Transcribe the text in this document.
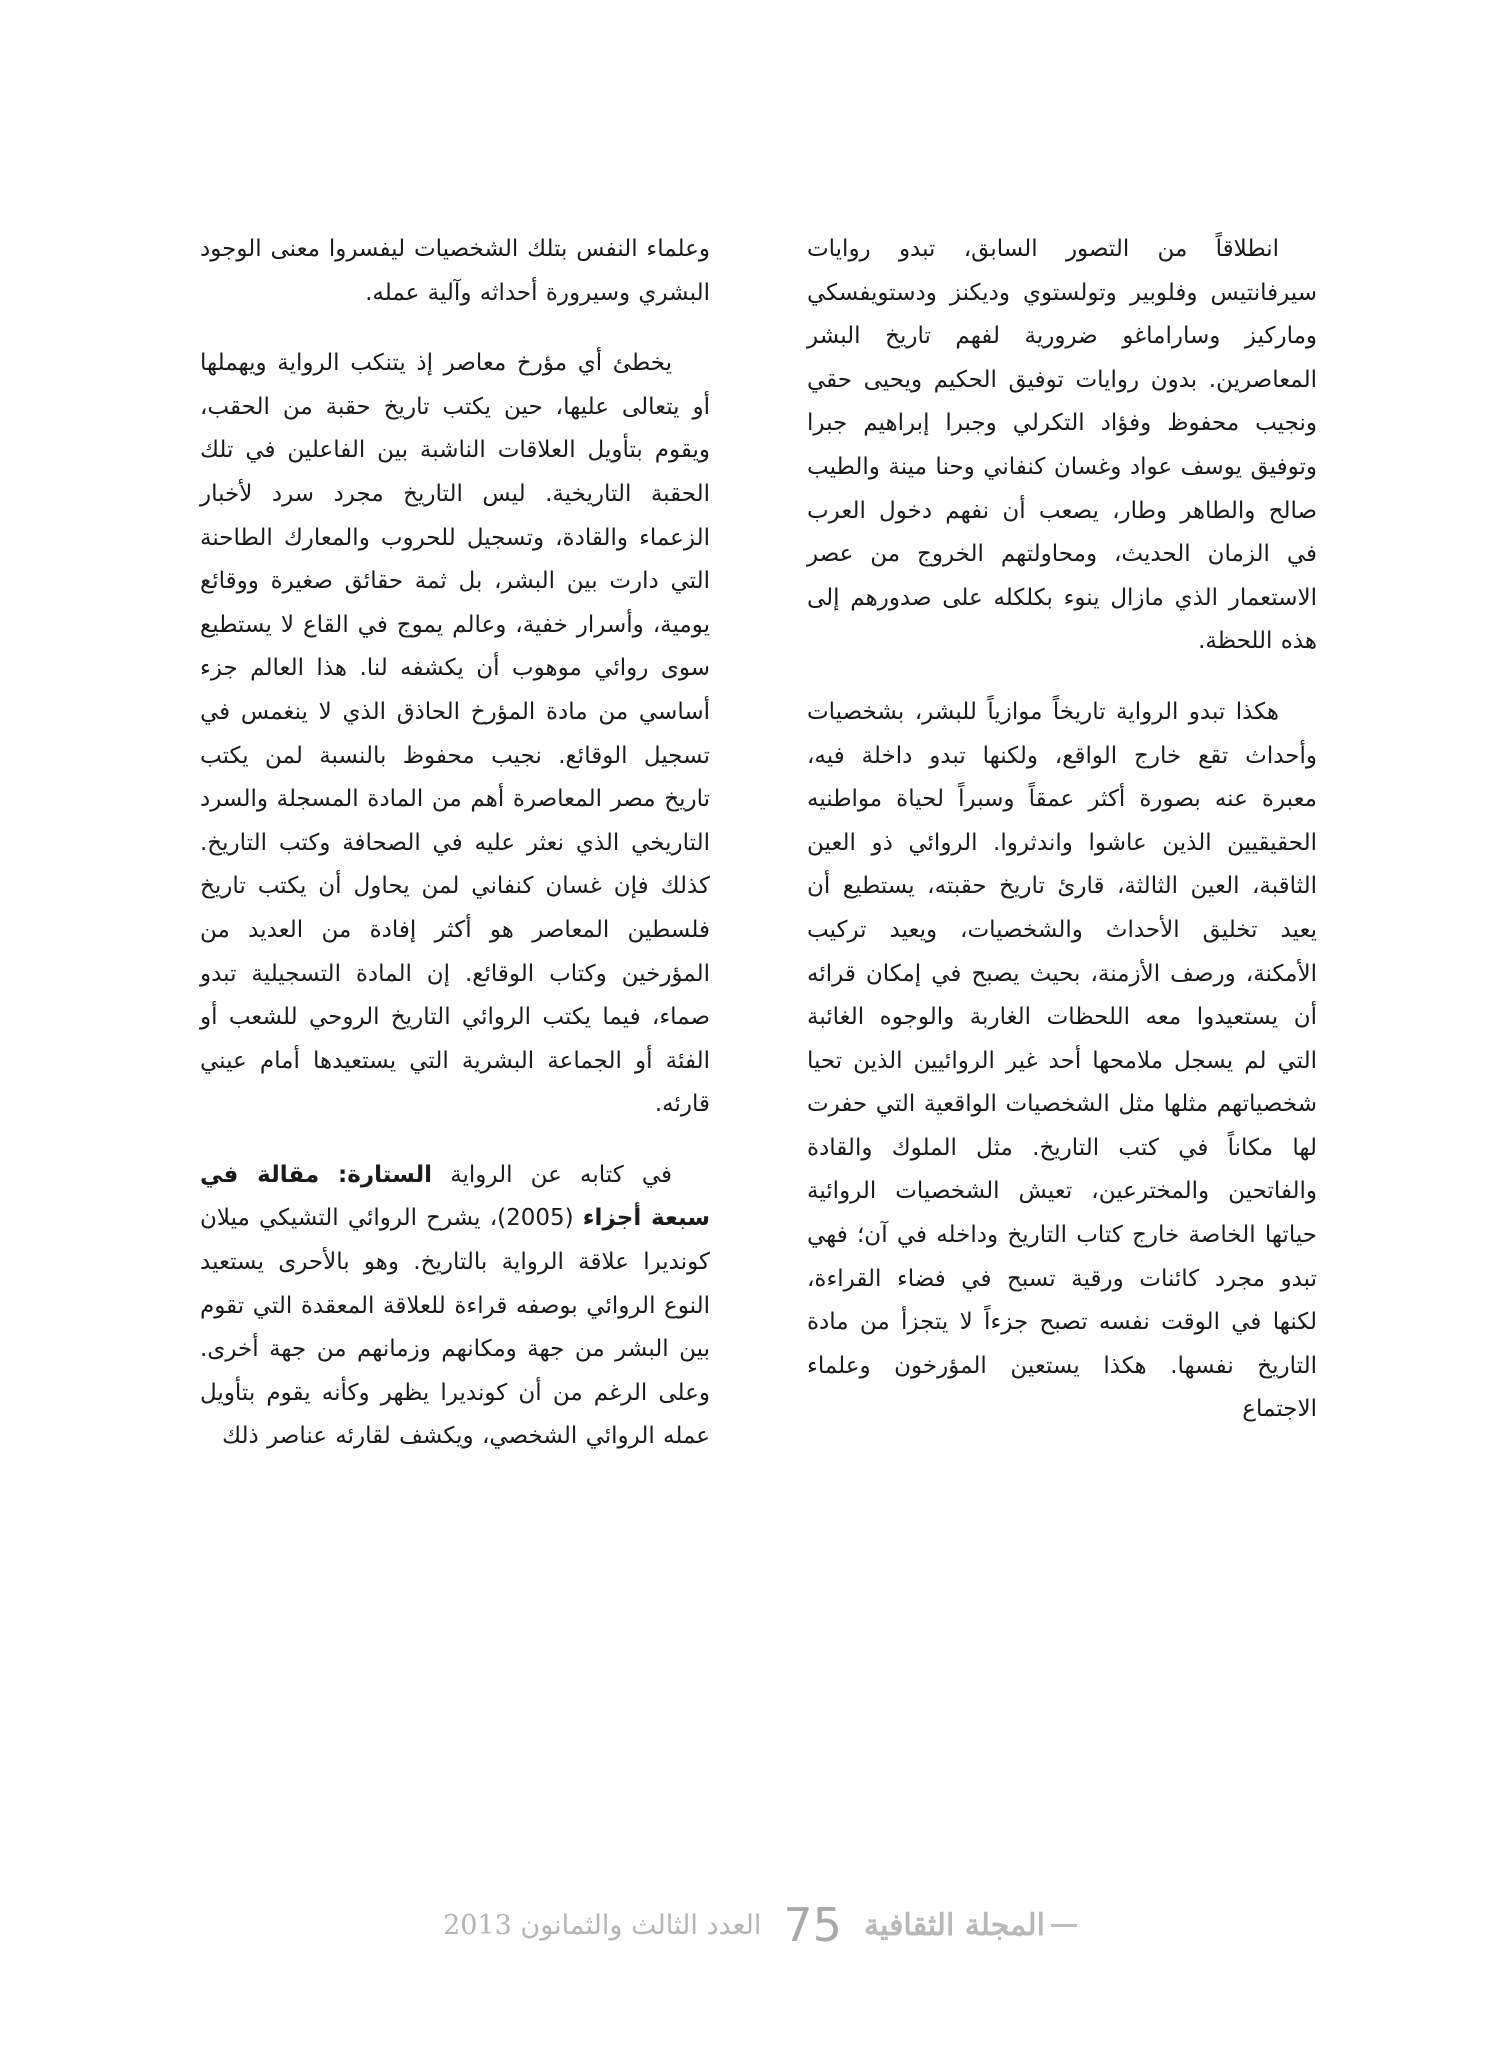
انطلاقاً من التصور السابق، تبدو روايات سيرفانتيس وفلوبير وتولستوي وديكنز ودستويفسكي وماركيز وساراماغو ضرورية لفهم تاريخ البشر المعاصرين. بدون روايات توفيق الحكيم ويحيى حقي ونجيب محفوظ وفؤاد التكرلي وجبرا إبراهيم جبرا وتوفيق يوسف عواد وغسان كنفاني وحنا مينة والطيب صالح والطاهر وطار، يصعب أن نفهم دخول العرب في الزمان الحديث، ومحاولتهم الخروج من عصر الاستعمار الذي مازال ينوء بكلكله على صدورهم إلى هذه اللحظة.

هكذا تبدو الرواية تاريخاً موازياً للبشر، بشخصيات وأحداث تقع خارج الواقع، ولكنها تبدو داخلة فيه، معبرة عنه بصورة أكثر عمقاً وسبراً لحياة مواطنيه الحقيقيين الذين عاشوا واندثروا. الروائي ذو العين الثاقبة، العين الثالثة، قارئ تاريخ حقبته، يستطيع أن يعيد تخليق الأحداث والشخصيات، ويعيد تركيب الأمكنة، ورصف الأزمنة، بحيث يصبح في إمكان قرائه أن يستعيدوا معه اللحظات الغاربة والوجوه الغائبة التي لم يسجل ملامحها أحد غير الروائيين الذين تحيا شخصياتهم مثلها مثل الشخصيات الواقعية التي حفرت لها مكاناً في كتب التاريخ. مثل الملوك والقادة والفاتحين والمخترعين، تعيش الشخصيات الروائية حياتها الخاصة خارج كتاب التاريخ وداخله في آن؛ فهي تبدو مجرد كائنات ورقية تسبح في فضاء القراءة، لكنها في الوقت نفسه تصبح جزءاً لا يتجزأ من مادة التاريخ نفسها. هكذا يستعين المؤرخون وعلماء الاجتماع

وعلماء النفس بتلك الشخصيات ليفسروا معنى الوجود البشري وسيرورة أحداثه وآلية عمله.

يخطئ أي مؤرخ معاصر إذ يتنكب الرواية ويهملها أو يتعالى عليها، حين يكتب تاريخ حقبة من الحقب، ويقوم بتأويل العلاقات الناشبة بين الفاعلين في تلك الحقبة التاريخية. ليس التاريخ مجرد سرد لأخبار الزعماء والقادة، وتسجيل للحروب والمعارك الطاحنة التي دارت بين البشر، بل ثمة حقائق صغيرة ووقائع يومية، وأسرار خفية، وعالم يموج في القاع لا يستطيع سوى روائي موهوب أن يكشفه لنا. هذا العالم جزء أساسي من مادة المؤرخ الحاذق الذي لا ينغمس في تسجيل الوقائع. نجيب محفوظ بالنسبة لمن يكتب تاريخ مصر المعاصرة أهم من المادة المسجلة والسرد التاريخي الذي نعثر عليه في الصحافة وكتب التاريخ. كذلك فإن غسان كنفاني لمن يحاول أن يكتب تاريخ فلسطين المعاصر هو أكثر إفادة من العديد من المؤرخين وكتاب الوقائع. إن المادة التسجيلية تبدو صماء، فيما يكتب الروائي التاريخ الروحي للشعب أو الفئة أو الجماعة البشرية التي يستعيدها أمام عيني قارئه.

في كتابه عن الرواية الستارة: مقالة في سبعة أجزاء (2005)، يشرح الروائي التشيكي ميلان كونديرا علاقة الرواية بالتاريخ. وهو بالأحرى يستعيد النوع الروائي بوصفه قراءة للعلاقة المعقدة التي تقوم بين البشر من جهة ومكانهم وزمانهم من جهة أخرى. وعلى الرغم من أن كونديرا يظهر وكأنه يقوم بتأويل عمله الروائي الشخصي، ويكشف لقارئه عناصر ذلك

المجلة الثقافية
75
العدد الثالث والثمانون 2013
